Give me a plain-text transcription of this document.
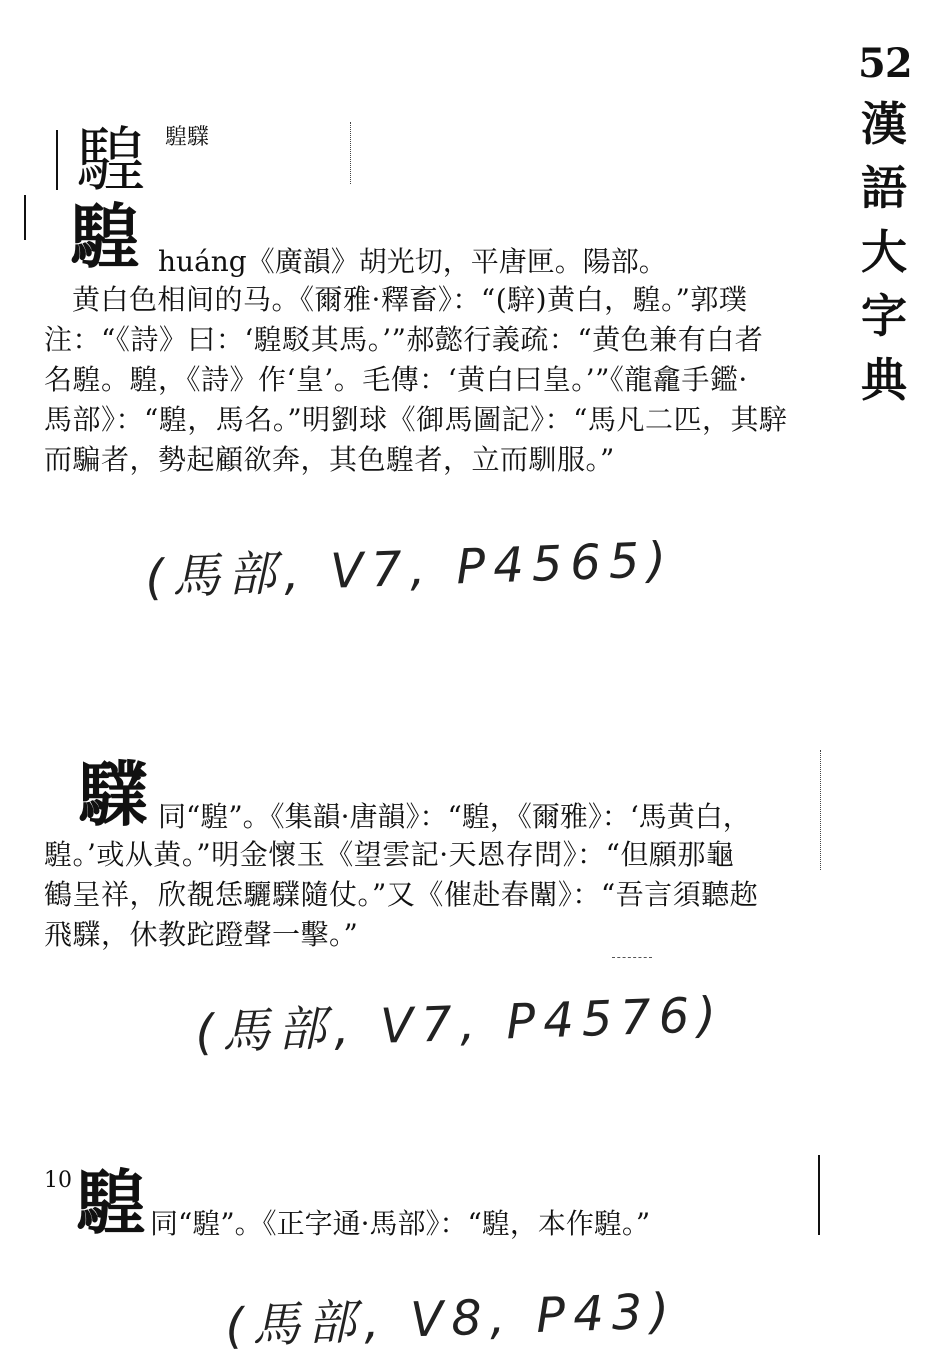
52
漢
語
大
字
典
騜 騜驜
騜 huáng《廣韻》胡光切，平唐匣。陽部。
黄白色相间的马。《爾雅·釋畜》：“(騂)黄白，騜。”郭璞
注：“《詩》曰：‘騜駁其馬。’”郝懿行義疏：“黄色兼有白者
名騜。騜，《詩》作‘皇’。毛傳：‘黄白曰皇。’”《龍龕手鑑·
馬部》：“騜，馬名。”明劉球《御馬圖記》：“馬凡二匹，其騂
而騙者，勢起顧欲奔，其色騜者，立而馴服。”
(馬部, V7, P4565)
驜 同“騜”。《集韻·唐韻》：“騜，《爾雅》：‘馬黄白，
騜。’或从黄。”明金懷玉《望雲記·天恩存問》：“但願那龜
鶴呈祥，欣覩恁驪驜隨仗。”又《催赴春闈》：“吾言須聽趂
飛驜，休教跎蹬聲一擊。”
(馬部, V7, P4576)
10 騜 同“騜”。《正字通·馬部》：“騜，本作騜。”
(馬部, V8, P43)
